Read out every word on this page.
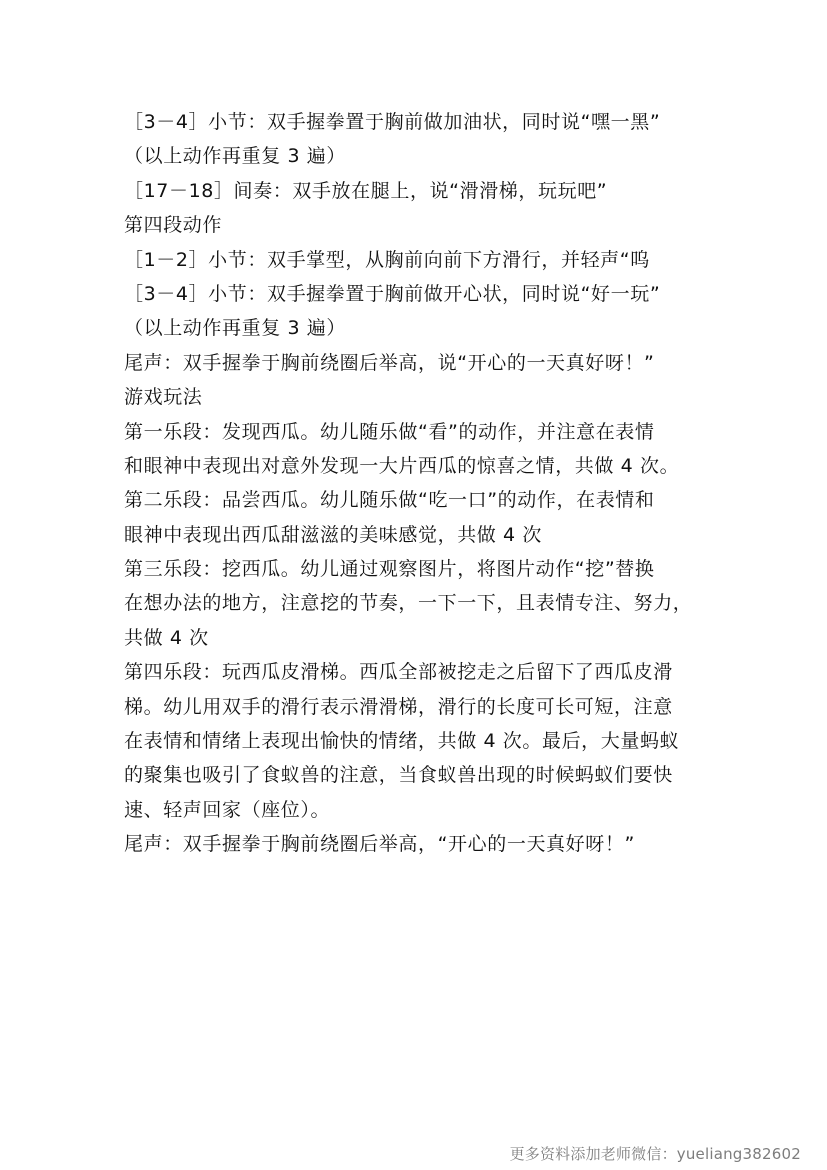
［3－4］小节：双手握拳置于胸前做加油状，同时说“嘿一黑”
（以上动作再重复 3 遍）
［17－18］间奏：双手放在腿上，说“滑滑梯，玩玩吧”
第四段动作
［1－2］小节：双手掌型，从胸前向前下方滑行，并轻声“呜
［3－4］小节：双手握拳置于胸前做开心状，同时说“好一玩”
（以上动作再重复 3 遍）
尾声：双手握拳于胸前绕圈后举高，说“开心的一天真好呀！”
游戏玩法
第一乐段：发现西瓜。幼儿随乐做“看”的动作，并注意在表情
和眼神中表现出对意外发现一大片西瓜的惊喜之情，共做 4 次。
第二乐段：品尝西瓜。幼儿随乐做“吃一口”的动作，在表情和
眼神中表现出西瓜甜滋滋的美味感觉，共做 4 次
第三乐段：挖西瓜。幼儿通过观察图片，将图片动作“挖”替换
在想办法的地方，注意挖的节奏，一下一下，且表情专注、努力，
共做 4 次
第四乐段：玩西瓜皮滑梯。西瓜全部被挖走之后留下了西瓜皮滑
梯。幼儿用双手的滑行表示滑滑梯，滑行的长度可长可短，注意
在表情和情绪上表现出愉快的情绪，共做 4 次。最后，大量蚂蚁
的聚集也吸引了食蚁兽的注意，当食蚁兽出现的时候蚂蚁们要快
速、轻声回家（座位）。
尾声：双手握拳于胸前绕圈后举高，“开心的一天真好呀！”
更多资料添加老师微信：yueliang382602
